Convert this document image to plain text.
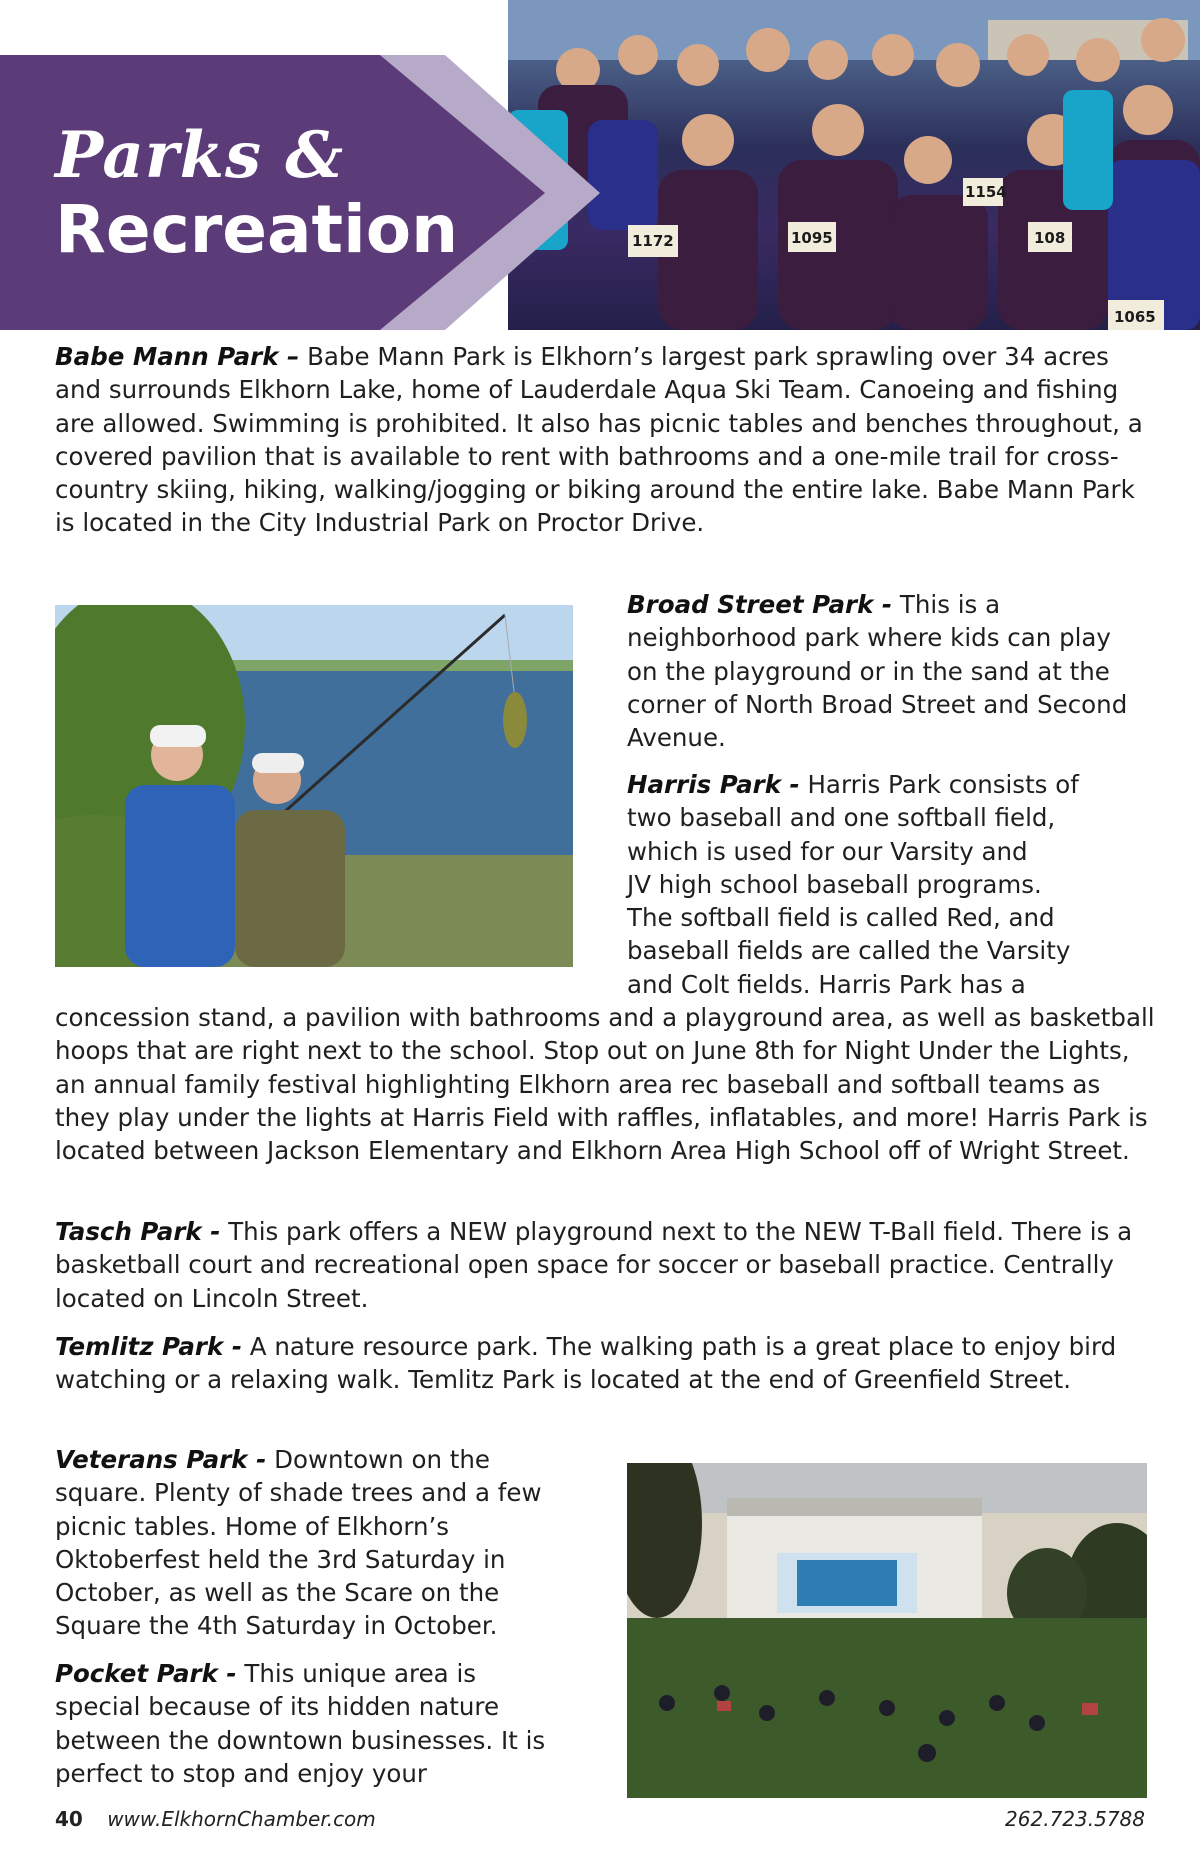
1172	1095
1154
108
1065
Parks &
Recreation

Babe Mann Park – Babe Mann Park is Elkhorn’s largest park sprawling over 34 acres and surrounds Elkhorn Lake, home of Lauderdale Aqua Ski Team. Canoeing and fishing are allowed. Swimming is prohibited. It also has picnic tables and benches throughout, a covered pavilion that is available to rent with bathrooms and a one-mile trail for cross-country skiing, hiking, walking/jogging or biking around the entire lake. Babe Mann Park is located in the City Industrial Park on Proctor Drive.

Broad Street Park - This is a neighborhood park where kids can play on the playground or in the sand at the corner of North Broad Street and Second Avenue.

Harris Park - Harris Park consists of
two baseball and one softball field,
which is used for our Varsity and
JV high school baseball programs.
The softball field is called Red, and
baseball fields are called the Varsity
and Colt fields. Harris Park has a

concession stand, a pavilion with bathrooms and a playground area, as well as basketball hoops that are right next to the school. Stop out on June 8th for Night Under the Lights, an annual family festival highlighting Elkhorn area rec baseball and softball teams as they play under the lights at Harris Field with raffles, inflatables, and more! Harris Park is located between Jackson Elementary and Elkhorn Area High School off of Wright Street.

Tasch Park - This park offers a NEW playground next to the NEW T-Ball field. There is a basketball court and recreational open space for soccer or baseball practice. Centrally located on Lincoln Street.

Temlitz Park - A nature resource park. The walking path is a great place to enjoy bird watching or a relaxing walk. Temlitz Park is located at the end of Greenfield Street.

Veterans Park - Downtown on the square. Plenty of shade trees and a few picnic tables. Home of Elkhorn’s Oktoberfest held the 3rd Saturday in October, as well as the Scare on the Square the 4th Saturday in October.

Pocket Park - This unique area is special because of its hidden nature between the downtown businesses. It is perfect to stop and enjoy your

40 www.ElkhornChamber.com	262.723.5788
